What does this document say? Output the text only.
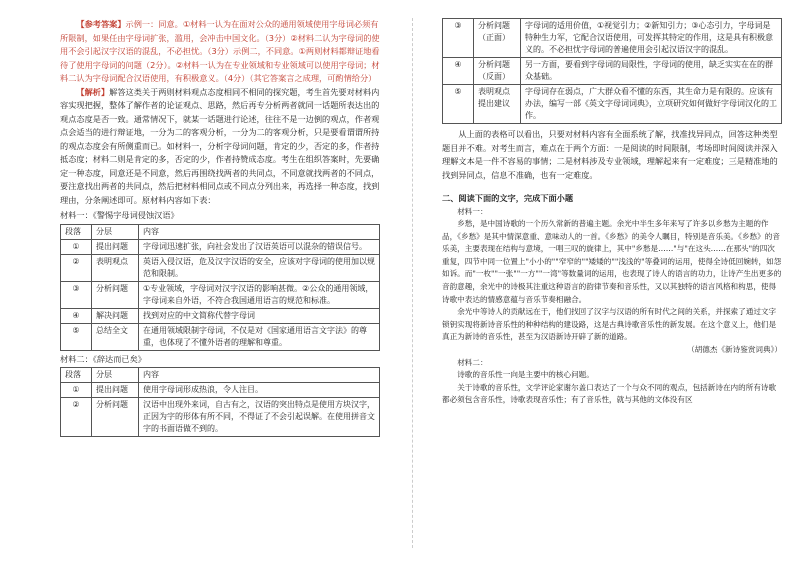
【参考答案】示例一：同意。①材料一认为在面对公众的通用领域使用字母词必须有所限制，如果任由字母词扩张，滥用，会冲击中国文化。（3分）②材料二认为字母词的使用不会引起汉字汉语的混乱，不必担忧。（3分）示例二，不同意。①两则材料都辩证地看待了使用字母词的问题（2分）。②材料一认为在专业领域和专业领域可以使用字母词；材料二认为字母词配合汉语使用，有积极意义。（4分）（其它答案言之成理，可酌情给分）

【解析】解答这类关于两则材料观点态度相同不相同的探究题，考生首先要对材料内容实现把握，整体了解作者的论证观点、思路，然后再专分析两者就同一话题所表达出的观点态度是否一致。通常情况下，就某一话题进行论述，往往不是一边倒的观点，作者观点会适当的进行辩证地，一分为二的客观分析，一分为二的客观分析，只是要看谓谓所持的观点态度会有所侧重而已。如材料一，分析字母词问题，肯定的少，否定的多，作者持抵态度；材料二则是肯定的多，否定的少，作者持赞成态度。考生在组织答案时，先要确定一种态度，同意还是不同意，然后再围绕找两者的共同点，不同意就找两者的不同点，要注意找出两者的共同点，然后把材料相同点或不同点分列出来，再选择一种态度，找到理由，分条阐述即可。原材料内容如下表：

材料一：《警惕字母词侵蚀汉语》

段落	分层	内容
①	提出问题	字母词迅速扩张，向社会发出了汉语英语可以混杂的错误信号。
②	表明观点	英语入侵汉语，危及汉字汉语的安全，应该对字母词的使用加以规范和限制。
③	分析问题	①专业领域，字母词对汉字汉语的影响甚微。②公众的通用领域，字母词来自外语，不符合我国通用语言的规范和标准。
④	解决问题	找到对应的中文简称代替字母词
⑤	总结全文	在通用领域限制字母词，不仅是对《国家通用语言文字法》的尊重，也体现了不懂外语者的理解和尊重。

材料二：《辞达而已矣》

段落	分层	内容
①	提出问题	使用字母词形成热浪，令人注目。
②	分析问题	汉语中出现外来词，自古有之，汉语的突出特点是使用方块汉字，正因为字的形体有所不同，不得证了不会引起误解。在使用拼音文字的书面语做不到的。
③	分析问题（正面）	字母词的适用价值，①视觉引力；②新知引力；③心态引力，字母词是特种生力军，它配合汉语使用，可发挥其特定的作用，这是具有积极意义的。不必担忧字母词的普遍使用会引起汉语汉字的混乱。
④	分析问题（反面）	另一方面，要看到字母词的局限性，字母词的使用，缺乏实实在在的群众基础。
⑤	表明观点提出建议	字母词存在弱点，广大群众看不懂的东西，其生命力是有限的。应该有办法，编写一部《英文字母词词典》，立项研究如何做好字母词汉化的工作。

从上面的表格可以看出，只要对材料内容有全面系统了解，找准找异同点，回答这种类型题目并不难。对考生而言，难点在于两个方面：一是阅读的时间限制，考场即时间阅读并深入理解文本是一件不容易的事情；二是材料涉及专业领域，理解起来有一定难度；三是精准地的找到异同点，信息不准确，也有一定难度。

二、阅读下面的文字，完成下面小题

材料一：

乡愁，是中国诗歌的一个历久常新的普遍主题。余光中半生多年来写了许多以乡愁为主题的作品，《乡愁》是其中情深意重、意味动人的一首。《乡愁》的美令人瞩目，特别是音乐美。《乡愁》的音乐美，主要表现在结构与意境，一唱三叹的旋律上，其中"乡愁是……"与"在这头……在那头"的四次重复，四节中同一位置上"小小的""窄窄的""矮矮的""浅浅的"等叠词的运用，使得全诗低回婉转，如怨如诉。而"一枚""一张""一方""一湾"等数量词的运用，也表现了诗人的语言的功力，让诗产生出更多的音韵意趣，余光中的诗极其注重这种语言的韵律节奏和音乐性，又以其独特的语言风格和构思，使得诗歌中表达的情感意蕴与音乐节奏相融合。

余光中等诗人的贡献远在于，他们找回了汉字与汉语的所有时代之间的关系，并探索了通过文字锁钥实现将新诗音乐性的种种结构的建设路，这是古典诗歌音乐性的新发展。在这个意义上，他们是真正为新诗的音乐性，甚至为汉语新诗开辟了新的道路。

（胡德杰《新诗鉴赏词典》）

材料二：

诗歌的音乐性一向是主要中的核心问题。

关于诗歌的音乐性，文学评论家谢尔盖口表达了一个与众不同的观点，包括新诗在内的所有诗歌都必须包含音乐性，诗歌表现音乐性；有了音乐性，就与其他的文体没有区
